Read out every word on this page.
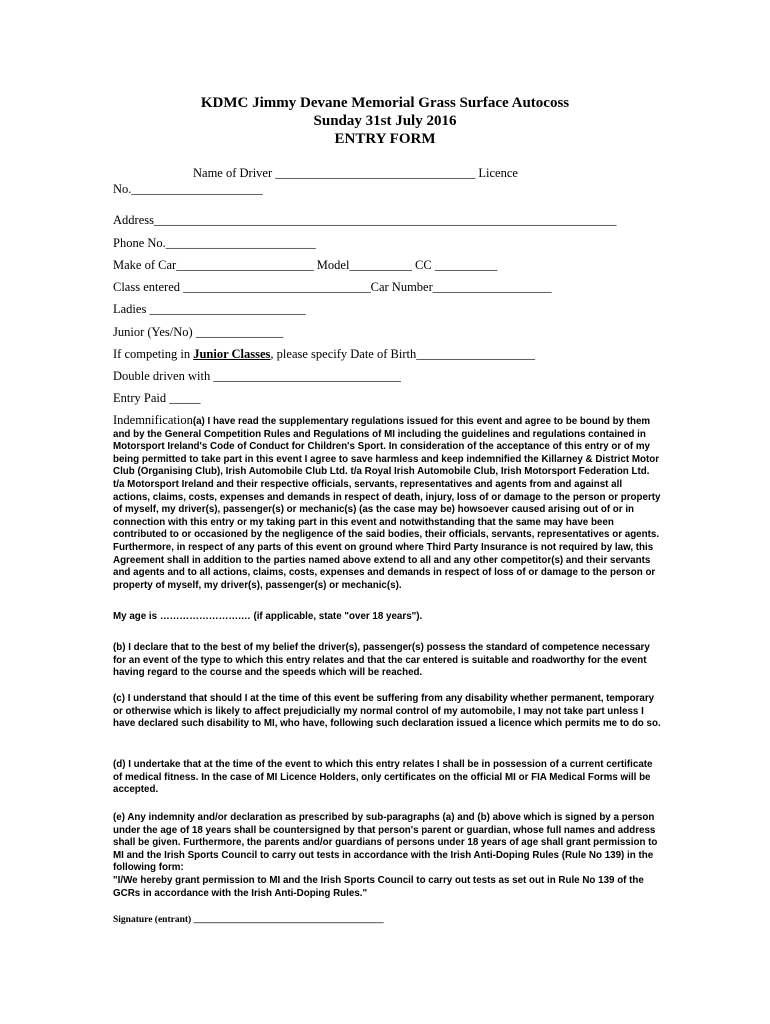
KDMC Jimmy Devane Memorial Grass Surface Autocoss
Sunday 31st July 2016
ENTRY FORM
Name of Driver ________________________________ Licence
No._____________________
Address__________________________________________________________________________
Phone No.________________________
Make of Car______________________ Model__________ CC __________
Class entered ______________________________Car Number___________________
Ladies _________________________
Junior (Yes/No) ______________
If competing in Junior Classes, please specify Date of Birth___________________
Double driven with ______________________________
Entry Paid _____
Indemnification(a) I have read the supplementary regulations issued for this event and agree to be bound by them and by the General Competition Rules and Regulations of MI including the guidelines and regulations contained in Motorsport Ireland's Code of Conduct for Children's Sport. In consideration of the acceptance of this entry or of my being permitted to take part in this event I agree to save harmless and keep indemnified the Killarney & District Motor Club (Organising Club), Irish Automobile Club Ltd. t/a Royal Irish Automobile Club, Irish Motorsport Federation Ltd. t/a Motorsport Ireland and their respective officials, servants, representatives and agents from and against all actions, claims, costs, expenses and demands in respect of death, injury, loss of or damage to the person or property of myself, my driver(s), passenger(s) or mechanic(s) (as the case may be) howsoever caused arising out of or in connection with this entry or my taking part in this event and notwithstanding that the same may have been contributed to or occasioned by the negligence of the said bodies, their officials, servants, representatives or agents. Furthermore, in respect of any parts of this event on ground where Third Party Insurance is not required by law, this Agreement shall in addition to the parties named above extend to all and any other competitor(s) and their servants and agents and to all actions, claims, costs, expenses and demands in respect of loss of or damage to the person or property of myself, my driver(s), passenger(s) or mechanic(s).
My age is …………………….… (if applicable, state "over 18 years").
(b) I declare that to the best of my belief the driver(s), passenger(s) possess the standard of competence necessary for an event of the type to which this entry relates and that the car entered is suitable and roadworthy for the event having regard to the course and the speeds which will be reached.
(c) I understand that should I at the time of this event be suffering from any disability whether permanent, temporary or otherwise which is likely to affect prejudicially my normal control of my automobile, I may not take part unless I have declared such disability to MI, who have, following such declaration issued a licence which permits me to do so.
(d) I undertake that at the time of the event to which this entry relates I shall be in possession of a current certificate of medical fitness. In the case of MI Licence Holders, only certificates on the official MI or FIA Medical Forms will be accepted.
(e) Any indemnity and/or declaration as prescribed by sub-paragraphs (a) and (b) above which is signed by a person under the age of 18 years shall be countersigned by that person's parent or guardian, whose full names and address shall be given. Furthermore, the parents and/or guardians of persons under 18 years of age shall grant permission to MI and the Irish Sports Council to carry out tests in accordance with the Irish Anti-Doping Rules (Rule No 139) in the following form:
"I/We hereby grant permission to MI and the Irish Sports Council to carry out tests as set out in Rule No 139 of the GCRs in accordance with the Irish Anti-Doping Rules."
Signature (entrant) ________________________________________
